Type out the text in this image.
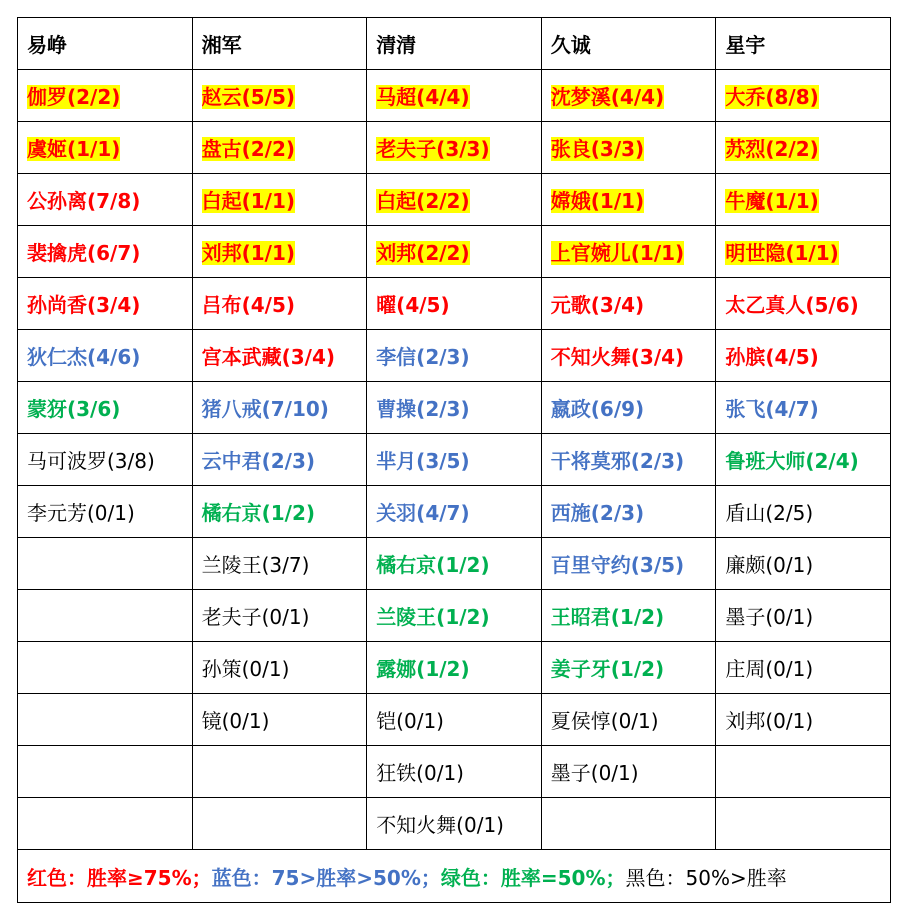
易峥	湘军	清清	久诚	星宇
伽罗(2/2)	赵云(5/5)	马超(4/4)	沈梦溪(4/4)	大乔(8/8)
虞姬(1/1)	盘古(2/2)	老夫子(3/3)	张良(3/3)	苏烈(2/2)
公孙离(7/8)	白起(1/1)	白起(2/2)	嫦娥(1/1)	牛魔(1/1)
裴擒虎(6/7)	刘邦(1/1)	刘邦(2/2)	上官婉儿(1/1)	明世隐(1/1)
孙尚香(3/4)	吕布(4/5)	曜(4/5)	元歌(3/4)	太乙真人(5/6)
狄仁杰(4/6)	宫本武藏(3/4)	李信(2/3)	不知火舞(3/4)	孙膑(4/5)
蒙犽(3/6)	猪八戒(7/10)	曹操(2/3)	嬴政(6/9)	张飞(4/7)
马可波罗(3/8)	云中君(2/3)	芈月(3/5)	干将莫邪(2/3)	鲁班大师(2/4)
李元芳(0/1)	橘右京(1/2)	关羽(4/7)	西施(2/3)	盾山(2/5)
	兰陵王(3/7)	橘右京(1/2)	百里守约(3/5)	廉颇(0/1)
	老夫子(0/1)	兰陵王(1/2)	王昭君(1/2)	墨子(0/1)
	孙策(0/1)	露娜(1/2)	姜子牙(1/2)	庄周(0/1)
	镜(0/1)	铠(0/1)	夏侯惇(0/1)	刘邦(0/1)
		狂铁(0/1)	墨子(0/1)	
		不知火舞(0/1)		
红色：胜率≥75%；蓝色：75>胜率>50%；绿色：胜率=50%；黑色：50%>胜率				
